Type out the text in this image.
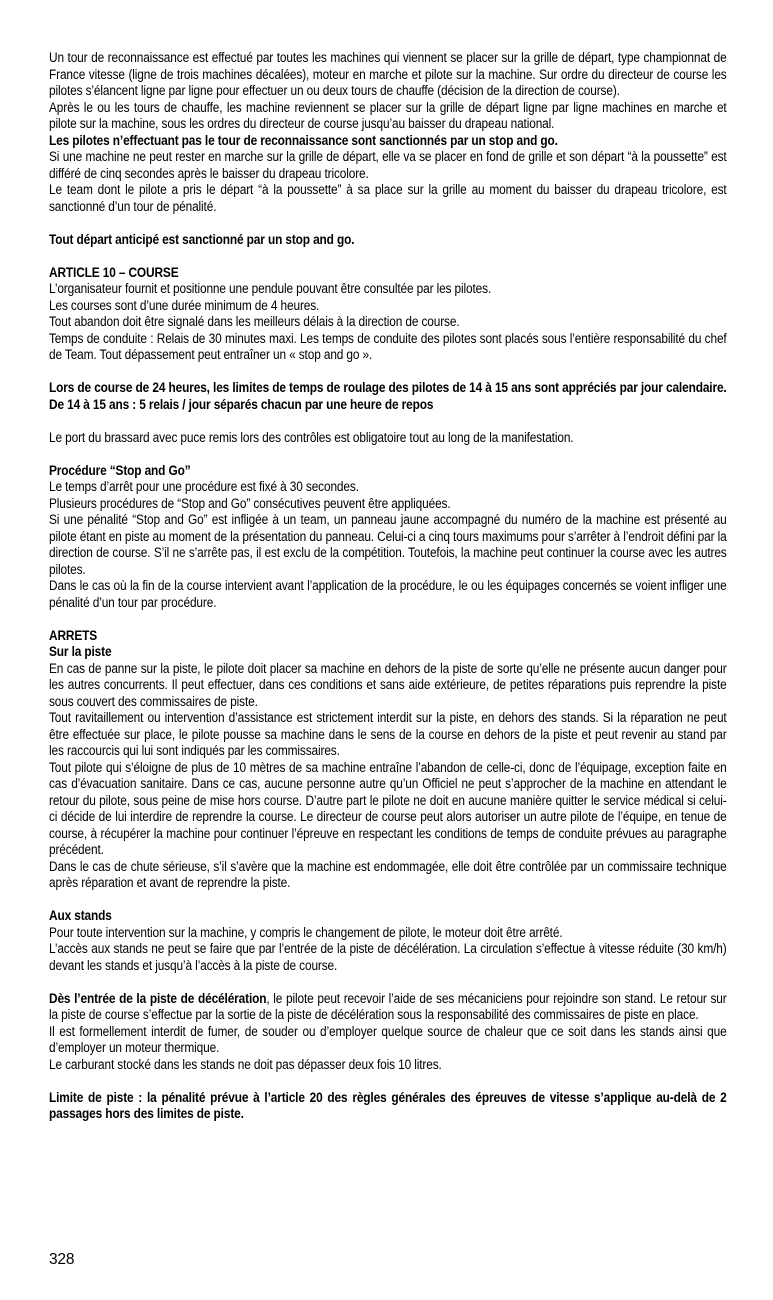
Un tour de reconnaissance est effectué par toutes les machines qui viennent se placer sur la grille de départ, type championnat de France vitesse (ligne de trois machines décalées), moteur en marche et pilote sur la machine. Sur ordre du directeur de course les pilotes s’élancent ligne par ligne pour effectuer un ou deux tours de chauffe (décision de la direction de course).

Après le ou les tours de chauffe, les machine reviennent se placer sur la grille de départ ligne par ligne machines en marche et pilote sur la machine, sous les ordres du directeur de course jusqu’au baisser du drapeau national.

Les pilotes n’effectuant pas le tour de reconnaissance sont sanctionnés par un stop and go.

Si une machine ne peut rester en marche sur la grille de départ, elle va se placer en fond de grille et son départ “à la poussette” est différé de cinq secondes après le baisser du drapeau tricolore.

Le team dont le pilote a pris le départ “à la poussette” à sa place sur la grille au moment du baisser du drapeau tricolore, est sanctionné d’un tour de pénalité.

Tout départ anticipé est sanctionné par un stop and go.

ARTICLE 10 – COURSE

L’organisateur fournit et positionne une pendule pouvant être consultée par les pilotes.

Les courses sont d’une durée minimum de 4 heures.

Tout abandon doit être signalé dans les meilleurs délais à la direction de course.

Temps de conduite : Relais de 30 minutes maxi. Les temps de conduite des pilotes sont placés sous l’entière responsabilité du chef de Team. Tout dépassement peut entraîner un « stop and go ».

Lors de course de 24 heures, les limites de temps de roulage des pilotes de 14 à 15 ans sont appréciés par jour calendaire. De 14 à 15 ans : 5 relais / jour séparés chacun par une heure de repos

Le port du brassard avec puce remis lors des contrôles est obligatoire tout au long de la manifestation.

Procédure “Stop and Go”

Le temps d’arrêt pour une procédure est fixé à 30 secondes.

Plusieurs procédures de “Stop and Go” consécutives peuvent être appliquées.

Si une pénalité “Stop and Go” est infligée à un team, un panneau jaune accompagné du numéro de la machine est présenté au pilote étant en piste au moment de la présentation du panneau. Celui-ci a cinq tours maximums pour s’arrêter à l’endroit défini par la direction de course. S’il ne s’arrête pas, il est exclu de la compétition. Toutefois, la machine peut continuer la course avec les autres pilotes.

Dans le cas où la fin de la course intervient avant l’application de la procédure, le ou les équipages concernés se voient infliger une pénalité d’un tour par procédure.

ARRETS

Sur la piste

En cas de panne sur la piste, le pilote doit placer sa machine en dehors de la piste de sorte qu’elle ne présente aucun danger pour les autres concurrents. Il peut effectuer, dans ces conditions et sans aide extérieure, de petites réparations puis reprendre la piste sous couvert des commissaires de piste.

Tout ravitaillement ou intervention d’assistance est strictement interdit sur la piste, en dehors des stands. Si la réparation ne peut être effectuée sur place, le pilote pousse sa machine dans le sens de la course en dehors de la piste et peut revenir au stand par les raccourcis qui lui sont indiqués par les commissaires.

Tout pilote qui s’éloigne de plus de 10 mètres de sa machine entraîne l’abandon de celle-ci, donc de l’équipage, exception faite en cas d’évacuation sanitaire. Dans ce cas, aucune personne autre qu’un Officiel ne peut s’approcher de la machine en attendant le retour du pilote, sous peine de mise hors course. D’autre part le pilote ne doit en aucune manière quitter le service médical si celui-ci décide de lui interdire de reprendre la course. Le directeur de course peut alors autoriser un autre pilote de l’équipe, en tenue de course, à récupérer la machine pour continuer l’épreuve en respectant les conditions de temps de conduite prévues au paragraphe précédent.

Dans le cas de chute sérieuse, s’il s’avère que la machine est endommagée, elle doit être contrôlée par un commissaire technique après réparation et avant de reprendre la piste.

Aux stands

Pour toute intervention sur la machine, y compris le changement de pilote, le moteur doit être arrêté.

L’accès aux stands ne peut se faire que par l’entrée de la piste de décélération. La circulation s’effectue à vitesse réduite (30 km/h) devant les stands et jusqu’à l’accès à la piste de course.

Dès l’entrée de la piste de décélération, le pilote peut recevoir l’aide de ses mécaniciens pour rejoindre son stand. Le retour sur la piste de course s’effectue par la sortie de la piste de décélération sous la responsabilité des commissaires de piste en place.

Il est formellement interdit de fumer, de souder ou d’employer quelque source de chaleur que ce soit dans les stands ainsi que d’employer un moteur thermique.

Le carburant stocké dans les stands ne doit pas dépasser deux fois 10 litres.

Limite de piste : la pénalité prévue à l’article 20 des règles générales des épreuves de vitesse s’applique au-delà de 2 passages hors des limites de piste.

328
